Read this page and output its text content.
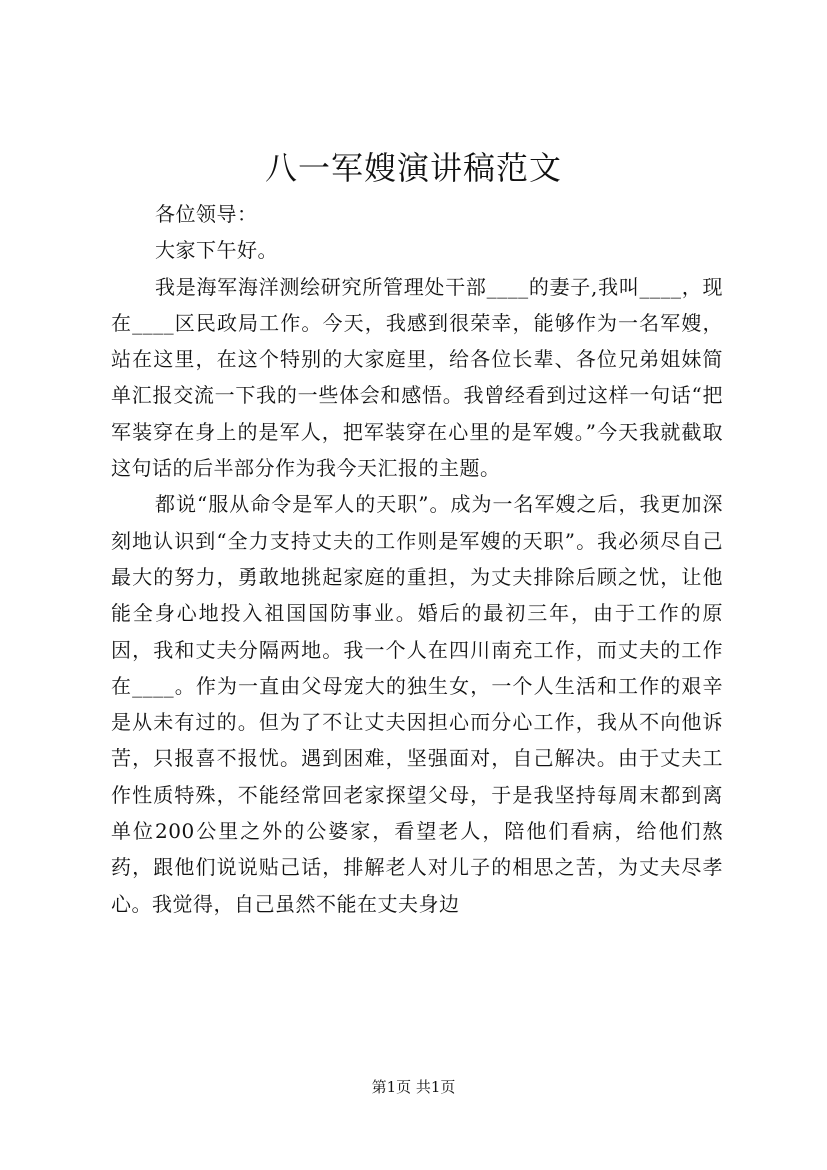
八一军嫂演讲稿范文

各位领导：

大家下午好。

我是海军海洋测绘研究所管理处干部____的妻子,我叫____，现在____区民政局工作。今天，我感到很荣幸，能够作为一名军嫂，站在这里，在这个特别的大家庭里，给各位长辈、各位兄弟姐妹简单汇报交流一下我的一些体会和感悟。我曾经看到过这样一句话“把军装穿在身上的是军人，把军装穿在心里的是军嫂。”今天我就截取这句话的后半部分作为我今天汇报的主题。

都说“服从命令是军人的天职”。成为一名军嫂之后，我更加深刻地认识到“全力支持丈夫的工作则是军嫂的天职”。我必须尽自己最大的努力，勇敢地挑起家庭的重担，为丈夫排除后顾之忧，让他能全身心地投入祖国国防事业。婚后的最初三年，由于工作的原因，我和丈夫分隔两地。我一个人在四川南充工作，而丈夫的工作在____。作为一直由父母宠大的独生女，一个人生活和工作的艰辛是从未有过的。但为了不让丈夫因担心而分心工作，我从不向他诉苦，只报喜不报忧。遇到困难，坚强面对，自己解决。由于丈夫工作性质特殊，不能经常回老家探望父母，于是我坚持每周末都到离单位200公里之外的公婆家，看望老人，陪他们看病，给他们熬药，跟他们说说贴己话，排解老人对儿子的相思之苦，为丈夫尽孝心。我觉得，自己虽然不能在丈夫身边

第1页 共1页
